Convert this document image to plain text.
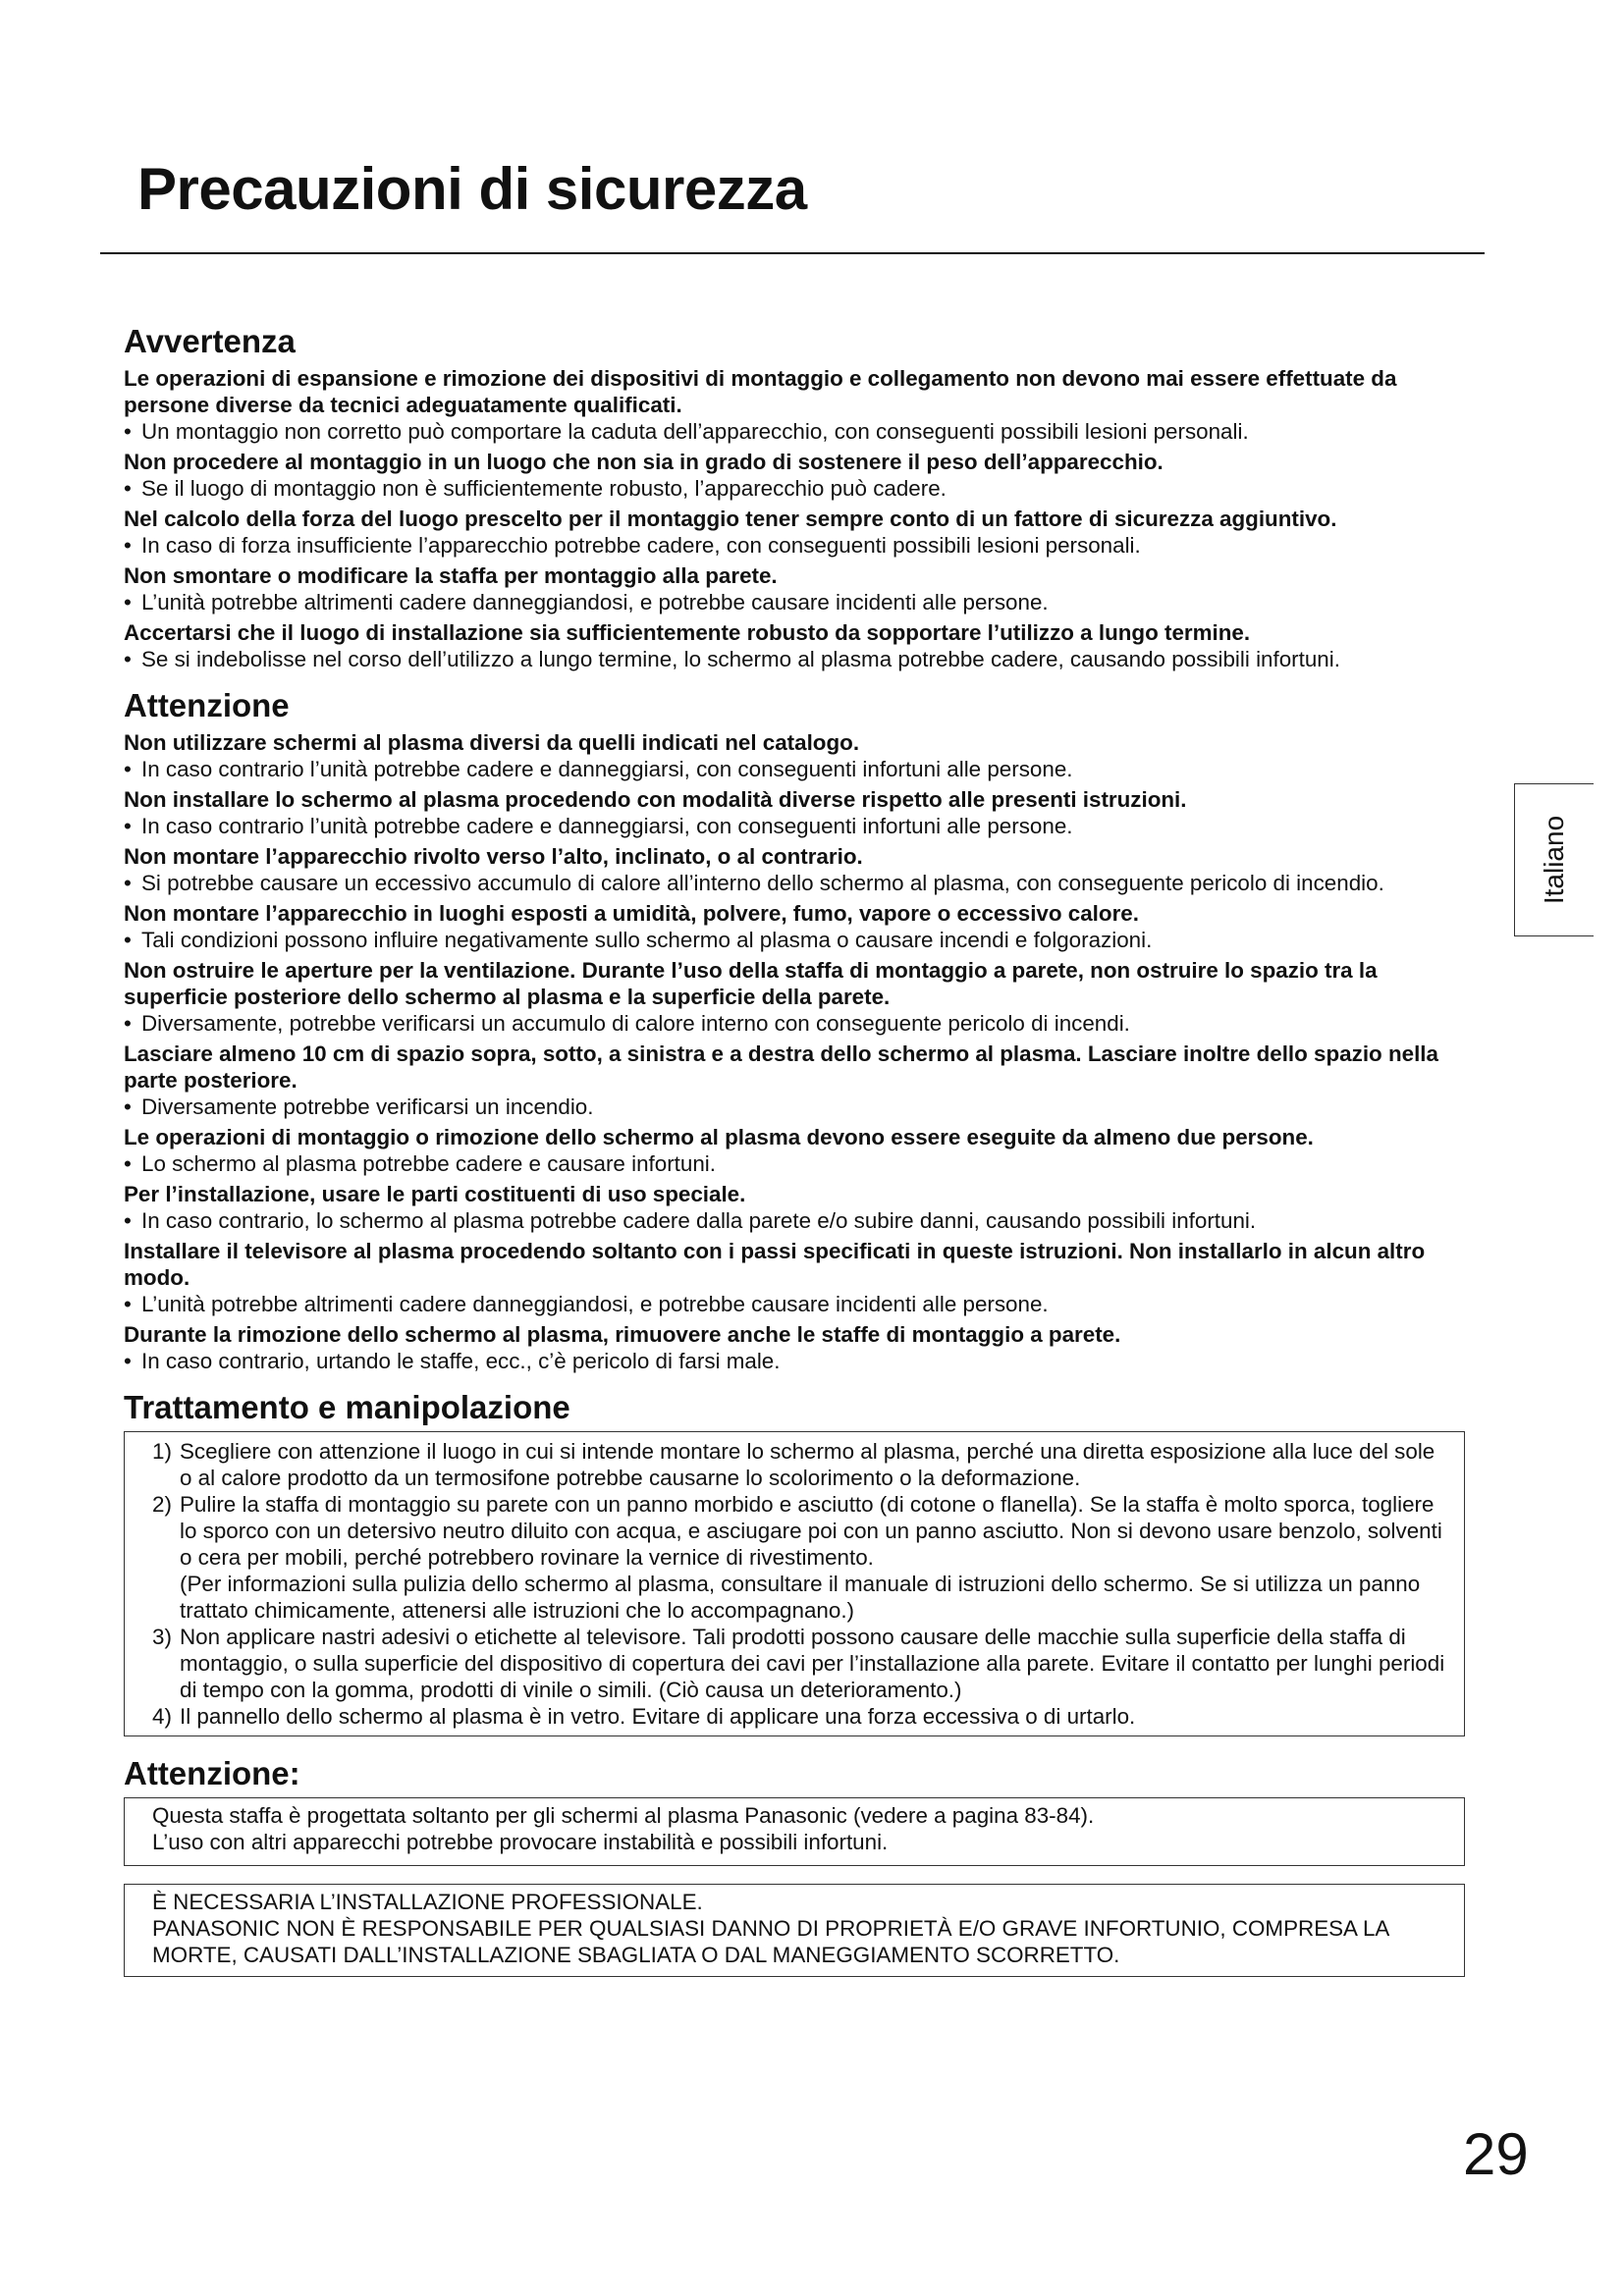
Precauzioni di sicurezza
Avvertenza

Le operazioni di espansione e rimozione dei dispositivi di montaggio e collegamento non devono mai essere effettuate da persone diverse da tecnici adeguatamente qualificati.

• Un montaggio non corretto può comportare la caduta dell’apparecchio, con conseguenti possibili lesioni personali.

Non procedere al montaggio in un luogo che non sia in grado di sostenere il peso dell’apparecchio.

• Se il luogo di montaggio non è sufficientemente robusto, l’apparecchio può cadere.

Nel calcolo della forza del luogo prescelto per il montaggio tener sempre conto di un fattore di sicurezza aggiuntivo.

• In caso di forza insufficiente l’apparecchio potrebbe cadere, con conseguenti possibili lesioni personali.

Non smontare o modificare la staffa per montaggio alla parete.

• L’unità potrebbe altrimenti cadere danneggiandosi, e potrebbe causare incidenti alle persone.

Accertarsi che il luogo di installazione sia sufficientemente robusto da sopportare l’utilizzo a lungo termine.

• Se si indebolisse nel corso dell’utilizzo a lungo termine, lo schermo al plasma potrebbe cadere, causando possibili infortuni.

Attenzione

Non utilizzare schermi al plasma diversi da quelli indicati nel catalogo.

• In caso contrario l’unità potrebbe cadere e danneggiarsi, con conseguenti infortuni alle persone.

Non installare lo schermo al plasma procedendo con modalità diverse rispetto alle presenti istruzioni.

• In caso contrario l’unità potrebbe cadere e danneggiarsi, con conseguenti infortuni alle persone.

Non montare l’apparecchio rivolto verso l’alto, inclinato, o al contrario.

• Si potrebbe causare un eccessivo accumulo di calore all’interno dello schermo al plasma, con conseguente pericolo di incendio.

Non montare l’apparecchio in luoghi esposti a umidità, polvere, fumo, vapore o eccessivo calore.

• Tali condizioni possono influire negativamente sullo schermo al plasma o causare incendi e folgorazioni.

Non ostruire le aperture per la ventilazione. Durante l’uso della staffa di montaggio a parete, non ostruire lo spazio tra la superficie posteriore dello schermo al plasma e la superficie della parete.

• Diversamente, potrebbe verificarsi un accumulo di calore interno con conseguente pericolo di incendi.

Lasciare almeno 10 cm di spazio sopra, sotto, a sinistra e a destra dello schermo al plasma. Lasciare inoltre dello spazio nella parte posteriore.

• Diversamente potrebbe verificarsi un incendio.

Le operazioni di montaggio o rimozione dello schermo al plasma devono essere eseguite da almeno due persone.

• Lo schermo al plasma potrebbe cadere e causare infortuni.

Per l’installazione, usare le parti costituenti di uso speciale.

• In caso contrario, lo schermo al plasma potrebbe cadere dalla parete e/o subire danni, causando possibili infortuni.

Installare il televisore al plasma procedendo soltanto con i passi specificati in queste istruzioni. Non installarlo in alcun altro modo.

• L’unità potrebbe altrimenti cadere danneggiandosi, e potrebbe causare incidenti alle persone.

Durante la rimozione dello schermo al plasma, rimuovere anche le staffe di montaggio a parete.

• In caso contrario, urtando le staffe, ecc., c’è pericolo di farsi male.

Trattamento e manipolazione

1) Scegliere con attenzione il luogo in cui si intende montare lo schermo al plasma, perché una diretta esposizione alla luce del sole o al calore prodotto da un termosifone potrebbe causarne lo scolorimento o la deformazione.

2) Pulire la staffa di montaggio su parete con un panno morbido e asciutto (di cotone o flanella). Se la staffa è molto sporca, togliere lo sporco con un detersivo neutro diluito con acqua, e asciugare poi con un panno asciutto. Non si devono usare benzolo, solventi o cera per mobili, perché potrebbero rovinare la vernice di rivestimento.

(Per informazioni sulla pulizia dello schermo al plasma, consultare il manuale di istruzioni dello schermo. Se si utilizza un panno trattato chimicamente, attenersi alle istruzioni che lo accompagnano.)

3) Non applicare nastri adesivi o etichette al televisore. Tali prodotti possono causare delle macchie sulla superficie della staffa di montaggio, o sulla superficie del dispositivo di copertura dei cavi per l’installazione alla parete. Evitare il contatto per lunghi periodi di tempo con la gomma, prodotti di vinile o simili. (Ciò causa un deterioramento.)

4) Il pannello dello schermo al plasma è in vetro. Evitare di applicare una forza eccessiva o di urtarlo.

Attenzione:

Questa staffa è progettata soltanto per gli schermi al plasma Panasonic (vedere a pagina 83-84).

L’uso con altri apparecchi potrebbe provocare instabilità e possibili infortuni.

È NECESSARIA L’INSTALLAZIONE PROFESSIONALE.

PANASONIC NON È RESPONSABILE PER QUALSIASI DANNO DI PROPRIETÀ E/O GRAVE INFORTUNIO, COMPRESA LA MORTE, CAUSATI DALL’INSTALLAZIONE SBAGLIATA O DAL MANEGGIAMENTO SCORRETTO.

Italiano
29
